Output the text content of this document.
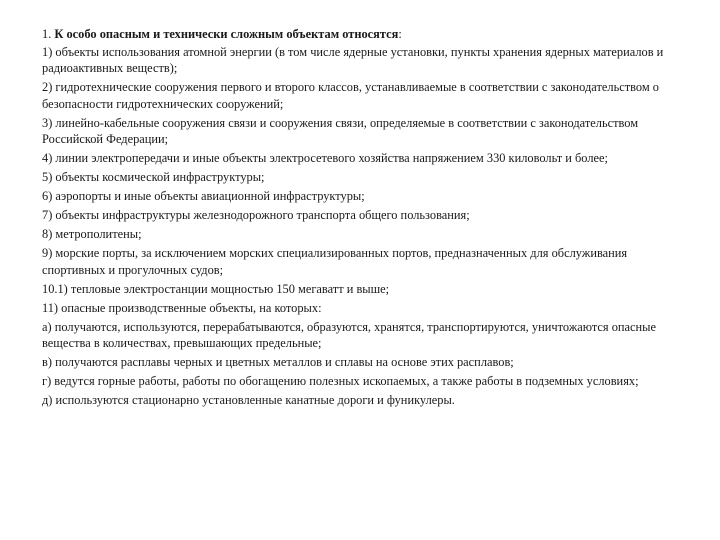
1. К особо опасным и технически сложным объектам относятся:
1) объекты использования атомной энергии (в том числе ядерные установки, пункты хранения ядерных материалов и радиоактивных веществ);
2) гидротехнические сооружения первого и второго классов, устанавливаемые в соответствии с законодательством о безопасности гидротехнических сооружений;
3) линейно-кабельные сооружения связи и сооружения связи, определяемые в соответствии с законодательством Российской Федерации;
4) линии электропередачи и иные объекты электросетевого хозяйства напряжением 330 киловольт и более;
5) объекты космической инфраструктуры;
6) аэропорты и иные объекты авиационной инфраструктуры;
7) объекты инфраструктуры железнодорожного транспорта общего пользования;
8) метрополитены;
9) морские порты, за исключением морских специализированных портов, предназначенных для обслуживания спортивных и прогулочных судов;
10.1) тепловые электростанции мощностью 150 мегаватт и выше;
11) опасные производственные объекты, на которых:
а) получаются, используются, перерабатываются, образуются, хранятся, транспортируются, уничтожаются опасные вещества в количествах, превышающих предельные;
в) получаются расплавы черных и цветных металлов и сплавы на основе этих расплавов;
г) ведутся горные работы, работы по обогащению полезных ископаемых, а также работы в подземных условиях;
д) используются стационарно установленные канатные дороги и фуникулеры.
